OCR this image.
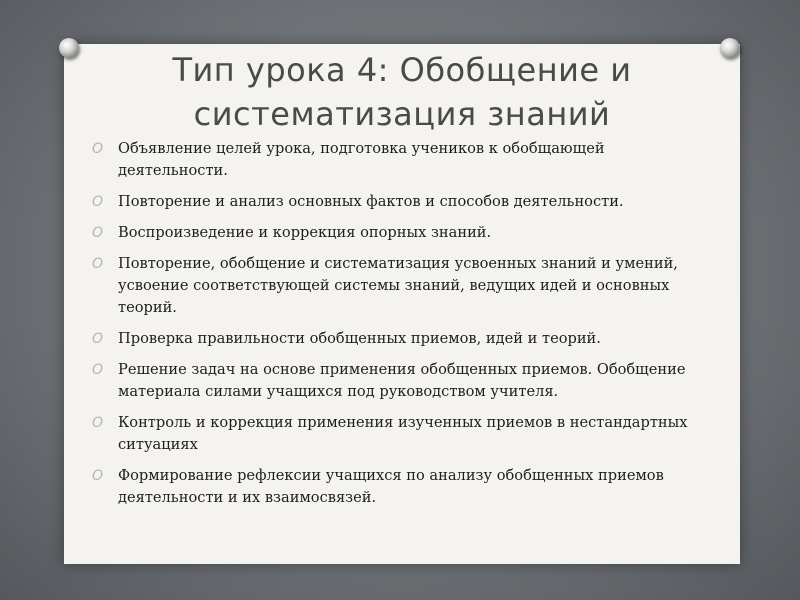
Тип урока 4: Обобщение и
систематизация знаний
O Объявление целей урока, подготовка учеников к обобщающей деятельности.
O Повторение и анализ основных фактов и способов деятельности.
O Воспроизведение и коррекция опорных знаний.
O Повторение, обобщение и систематизация усвоенных знаний и умений, усвоение соответствующей системы знаний, ведущих идей и основных теорий.
O Проверка правильности обобщенных приемов, идей и теорий.
O Решение задач на основе применения обобщенных приемов. Обобщение материала силами учащихся под руководством учителя.
O Контроль и коррекция применения изученных приемов в нестандартных ситуациях
O Формирование рефлексии учащихся по анализу обобщенных приемов деятельности и их взаимосвязей.
